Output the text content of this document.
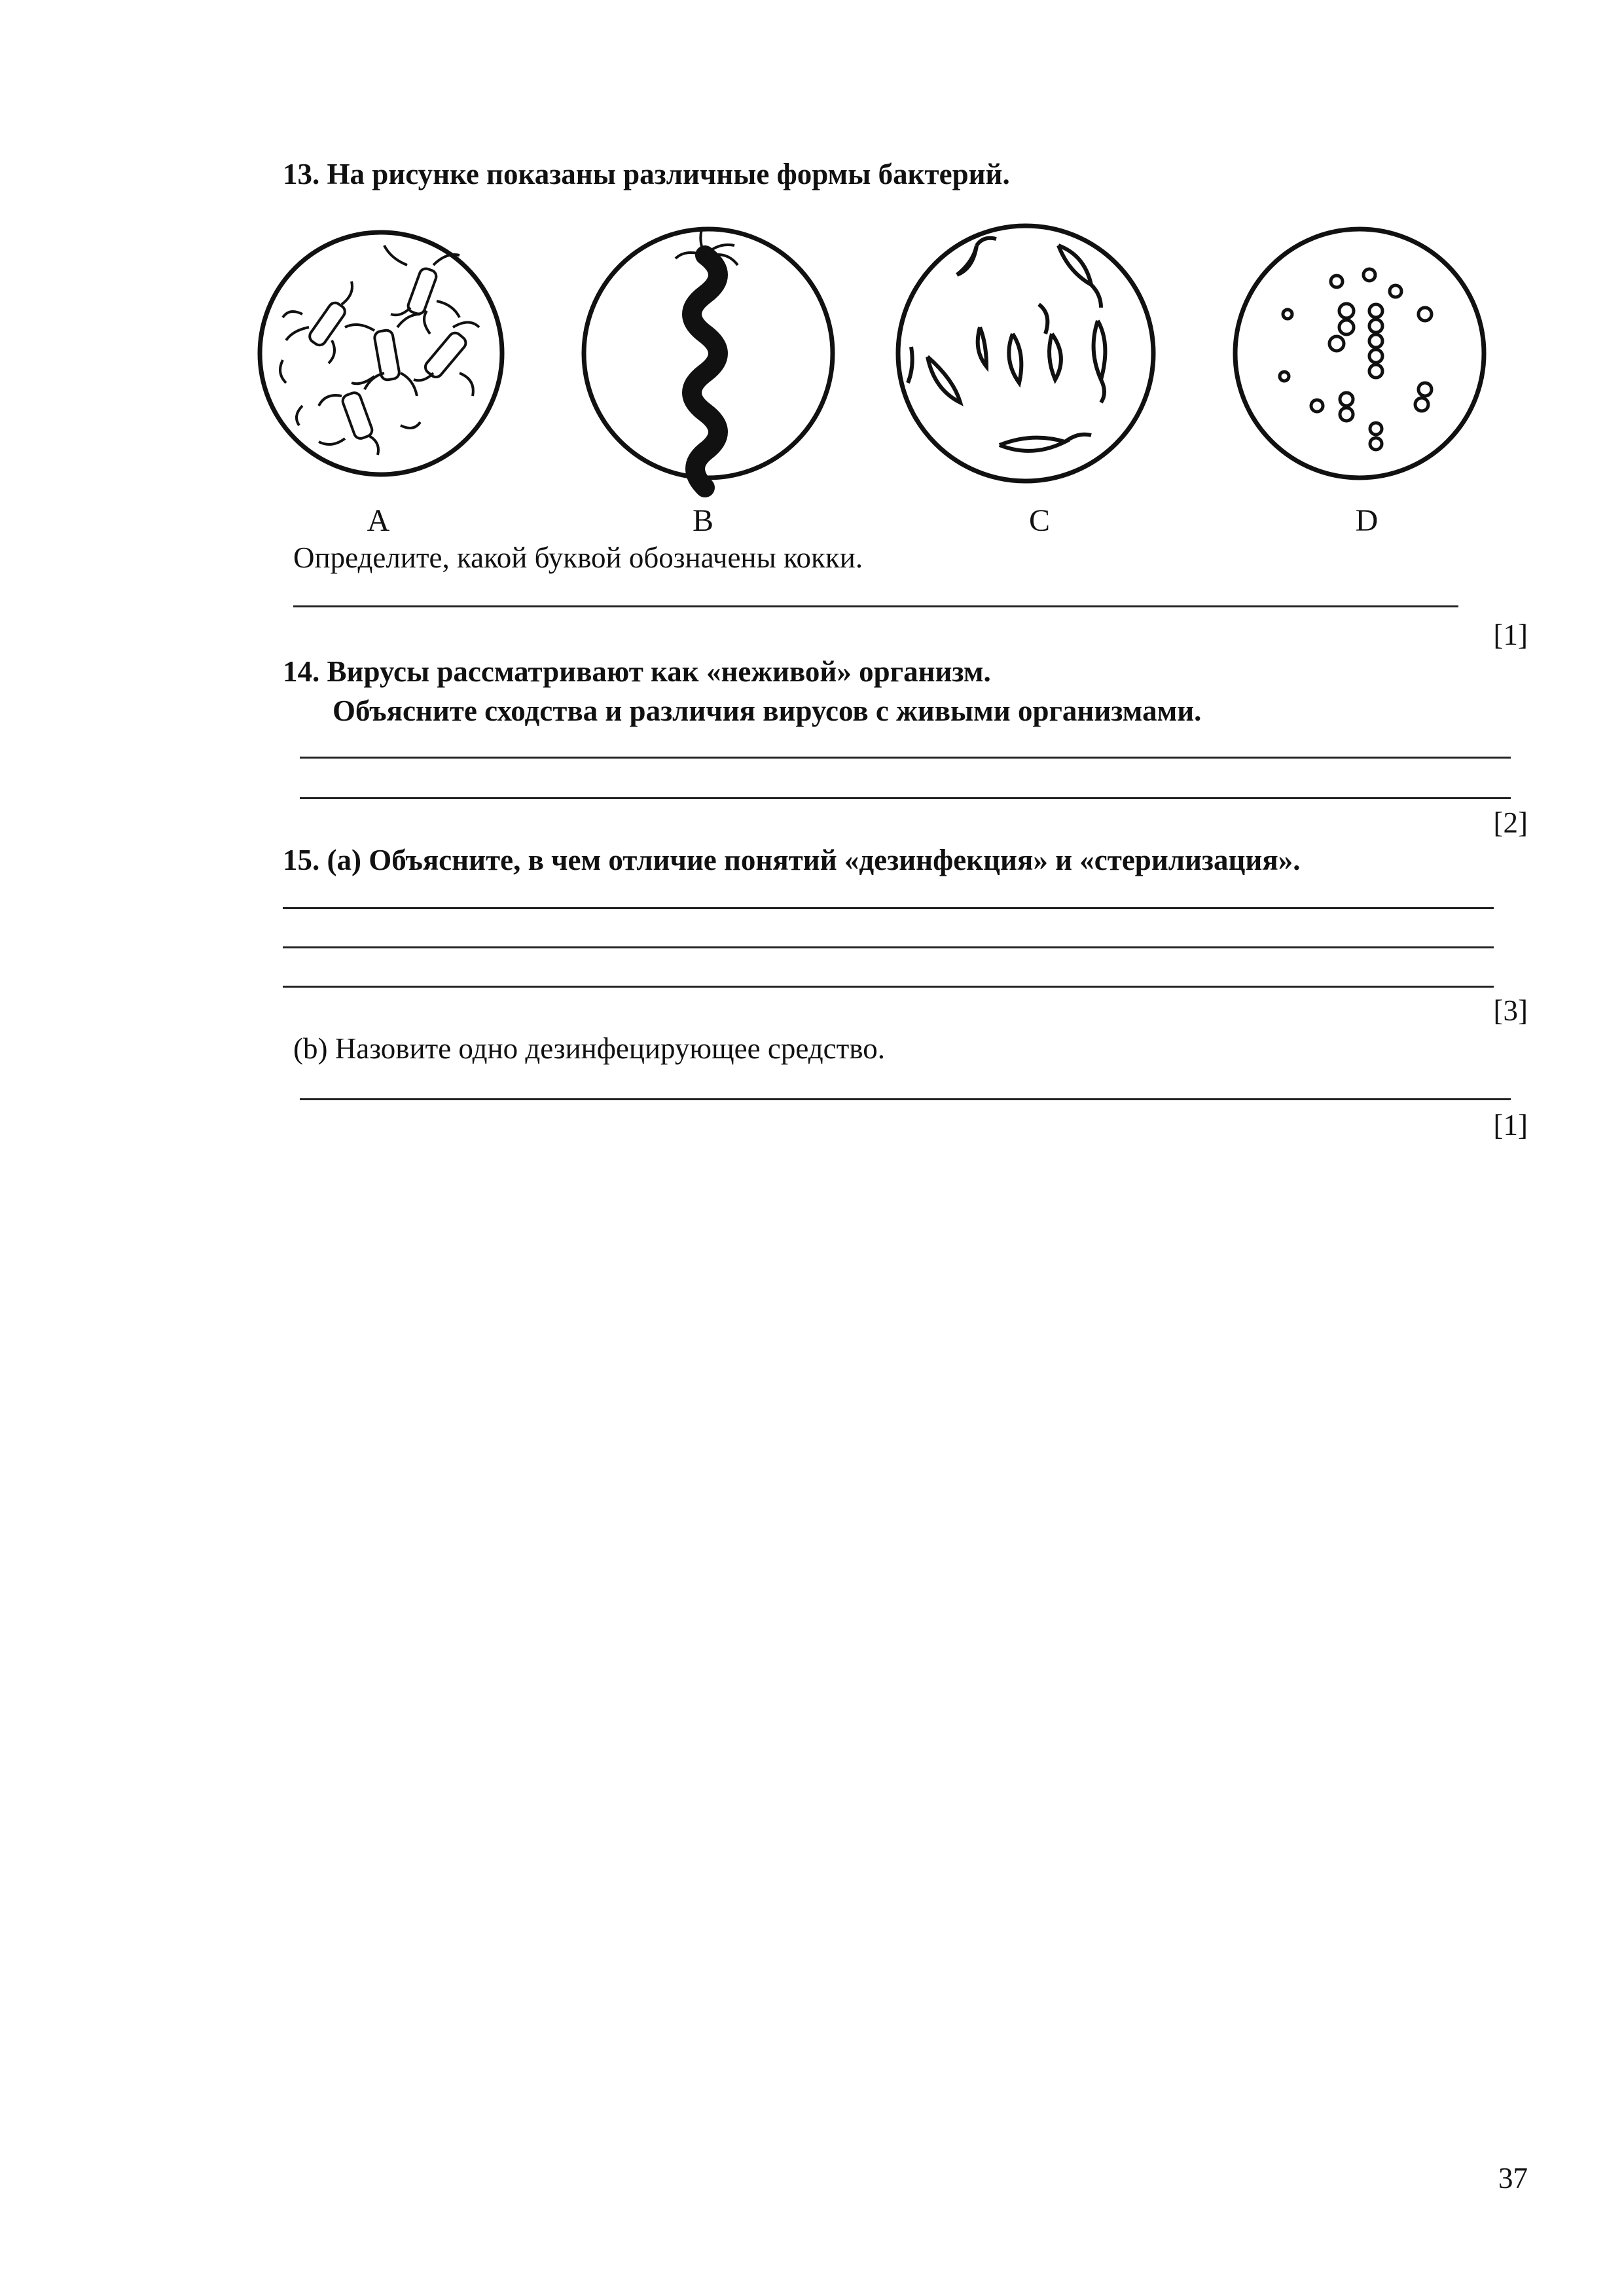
13. На рисунке показаны различные формы бактерий.
A	B	C	D
Определите, какой буквой обозначены кокки.
[1]
14. Вирусы рассматривают как «неживой» организм.
Объясните сходства и различия вирусов с живыми организмами.
[2]
15. (a) Объясните, в чем отличие понятий «дезинфекция» и «стерилизация».
[3]
(b) Назовите одно дезинфецирующее средство.
[1]
37
